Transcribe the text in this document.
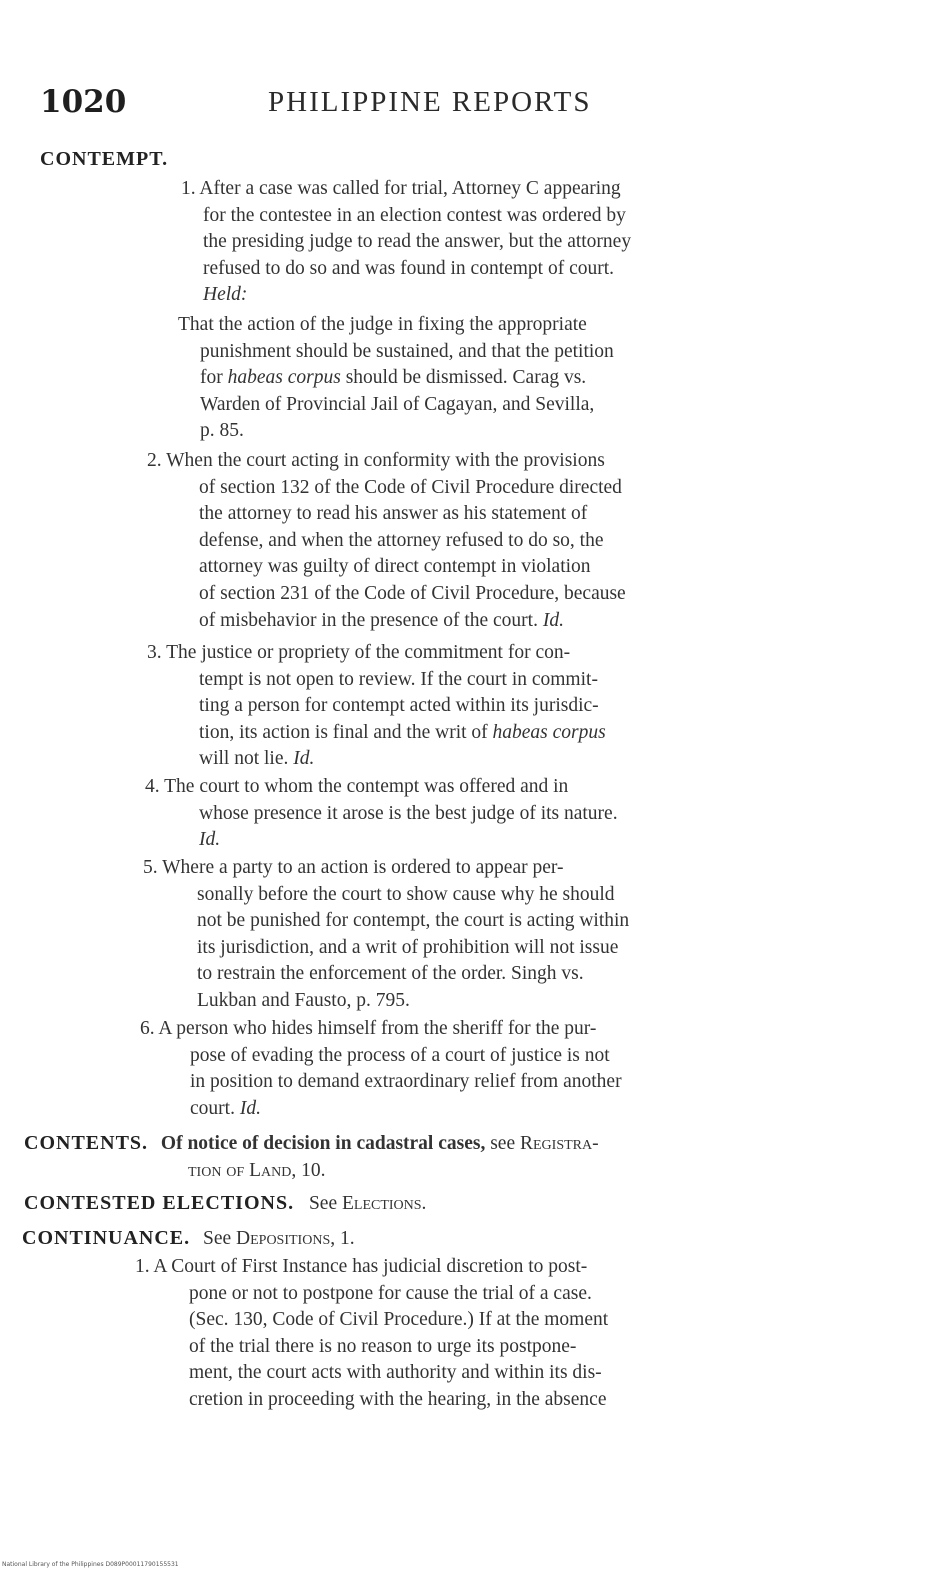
1020	PHILIPPINE REPORTS
CONTEMPT.
1. After a case was called for trial, Attorney C appearing
for the contestee in an election contest was ordered by
the presiding judge to read the answer, but the attorney
refused to do so and was found in contempt of court.
Held:
That the action of the judge in fixing the appropriate
punishment should be sustained, and that the petition
for habeas corpus should be dismissed. Carag vs.
Warden of Provincial Jail of Cagayan, and Sevilla,
p. 85.
2. When the court acting in conformity with the provisions
of section 132 of the Code of Civil Procedure directed
the attorney to read his answer as his statement of
defense, and when the attorney refused to do so, the
attorney was guilty of direct contempt in violation
of section 231 of the Code of Civil Procedure, because
of misbehavior in the presence of the court. Id.
3. The justice or propriety of the commitment for con-
tempt is not open to review. If the court in commit-
ting a person for contempt acted within its jurisdic-
tion, its action is final and the writ of habeas corpus
will not lie. Id.
4. The court to whom the contempt was offered and in
whose presence it arose is the best judge of its nature.
Id.
5. Where a party to an action is ordered to appear per-
sonally before the court to show cause why he should
not be punished for contempt, the court is acting within
its jurisdiction, and a writ of prohibition will not issue
to restrain the enforcement of the order. Singh vs.
Lukban and Fausto, p. 795.
6. A person who hides himself from the sheriff for the pur-
pose of evading the process of a court of justice is not
in position to demand extraordinary relief from another
court. Id.
CONTENTS. Of notice of decision in cadastral cases, see Registra-
tion of Land, 10.
CONTESTED ELECTIONS. See Elections.
CONTINUANCE. See Depositions, 1.
1. A Court of First Instance has judicial discretion to post-
pone or not to postpone for cause the trial of a case.
(Sec. 130, Code of Civil Procedure.) If at the moment
of the trial there is no reason to urge its postpone-
ment, the court acts with authority and within its dis-
cretion in proceeding with the hearing, in the absence
National Library of the Philippines D089P00011790155531
